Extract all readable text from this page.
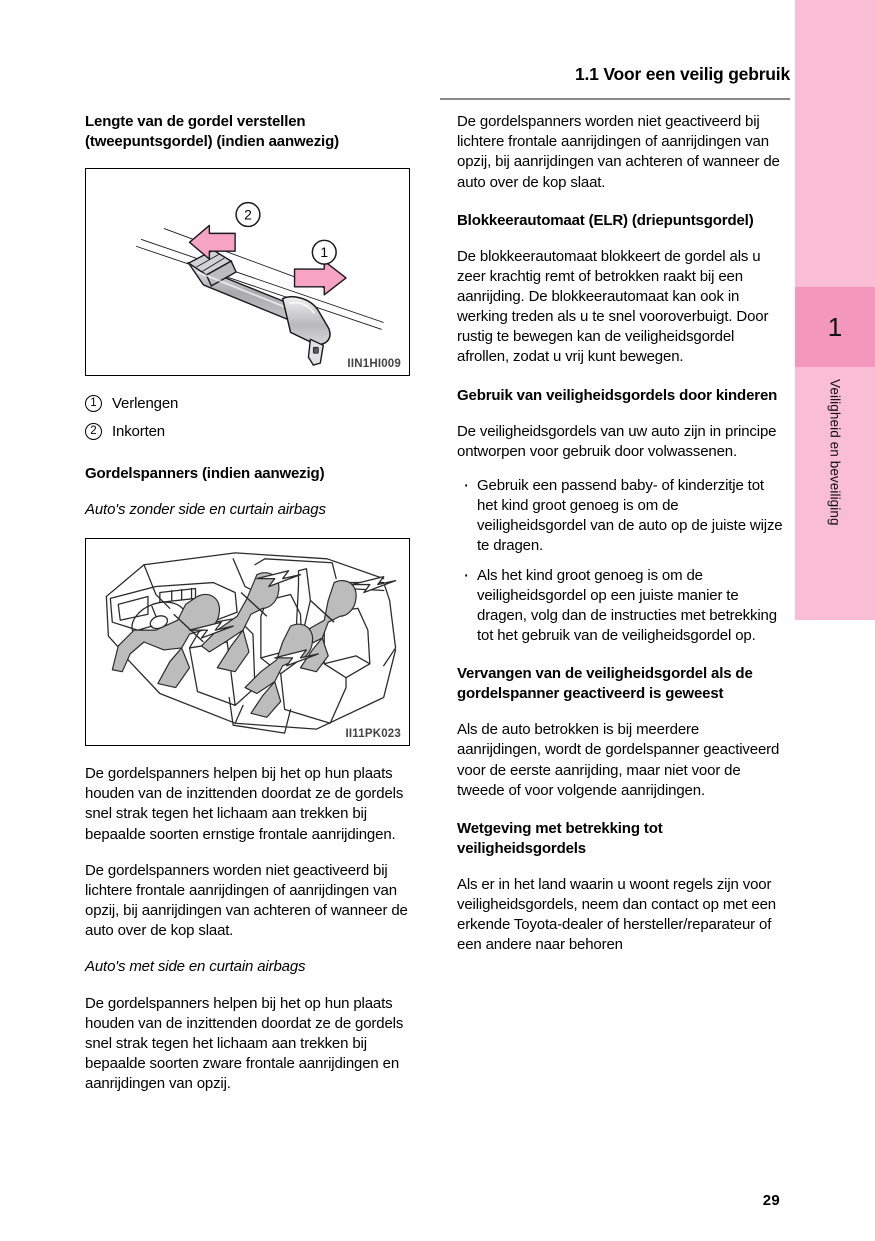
1
Veiligheid en beveiliging
1.1 Voor een veilig gebruik
Lengte van de gordel verstellen (tweepuntsgordel) (indien aanwezig)
1
2
IIN1HI009
1	Verlengen
2	Inkorten
Gordelspanners (indien aanwezig)

Auto's zonder side en curtain airbags

II11PK023

De gordelspanners helpen bij het op hun plaats houden van de inzittenden doordat ze de gordels snel strak tegen het lichaam aan trekken bij bepaalde soorten ernstige frontale aanrijdingen.

De gordelspanners worden niet geactiveerd bij lichtere frontale aanrijdingen of aanrijdingen van opzij, bij aanrijdingen van achteren of wanneer de auto over de kop slaat.

Auto's met side en curtain airbags

De gordelspanners helpen bij het op hun plaats houden van de inzittenden doordat ze de gordels snel strak tegen het lichaam aan trekken bij bepaalde soorten zware frontale aanrijdingen en aanrijdingen van opzij.

De gordelspanners worden niet geactiveerd bij lichtere frontale aanrijdingen of aanrijdingen van opzij, bij aanrijdingen van achteren of wanneer de auto over de kop slaat.

Blokkeerautomaat (ELR) (driepuntsgordel)

De blokkeerautomaat blokkeert de gordel als u zeer krachtig remt of betrokken raakt bij een aanrijding. De blokkeerautomaat kan ook in werking treden als u te snel vooroverbuigt. Door rustig te bewegen kan de veiligheidsgordel afrollen, zodat u vrij kunt bewegen.

Gebruik van veiligheidsgordels door kinderen

De veiligheidsgordels van uw auto zijn in principe ontworpen voor gebruik door volwassenen.

· Gebruik een passend baby- of kinderzitje tot het kind groot genoeg is om de veiligheidsgordel van de auto op de juiste wijze te dragen.
· Als het kind groot genoeg is om de veiligheidsgordel op een juiste manier te dragen, volg dan de instructies met betrekking tot het gebruik van de veiligheidsgordel op.
Vervangen van de veiligheidsgordel als de gordelspanner geactiveerd is geweest

Als de auto betrokken is bij meerdere aanrijdingen, wordt de gordelspanner geactiveerd voor de eerste aanrijding, maar niet voor de tweede of voor volgende aanrijdingen.

Wetgeving met betrekking tot veiligheidsgordels

Als er in het land waarin u woont regels zijn voor veiligheidsgordels, neem dan contact op met een erkende Toyota-dealer of hersteller/reparateur of een andere naar behoren

29
